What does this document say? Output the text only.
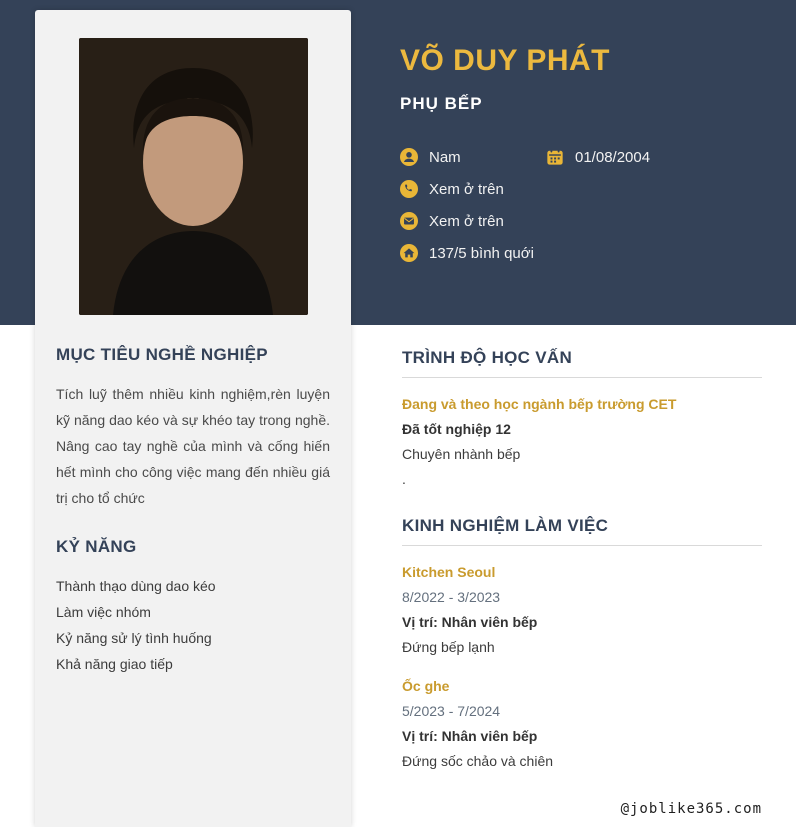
MỤC TIÊU NGHỀ NGHIỆP

Tích luỹ thêm nhiều kinh nghiệm,rèn luyện kỹ năng dao kéo và sự khéo tay trong nghề. Nâng cao tay nghề của mình và cống hiến hết mình cho công việc mang đến nhiều giá trị cho tổ chức

KỶ NĂNG
Thành thạo dùng dao kéo
Làm việc nhóm
Kỷ năng sử lý tình huống
Khả năng giao tiếp
VÕ DUY PHÁT
PHỤ BẾP
Nam	01/08/2004
Xem ở trên
Xem ở trên
137/5 bình quới
TRÌNH ĐỘ HỌC VẤN
Đang và theo học ngành bếp trường CET
Đã tốt nghiệp 12
Chuyên nhành bếp
.
KINH NGHIỆM LÀM VIỆC
Kitchen Seoul
8/2022 - 3/2023
Vị trí: Nhân viên bếp
Đứng bếp lạnh
Ốc ghe
5/2023 - 7/2024
Vị trí: Nhân viên bếp
Đứng sốc chảo và chiên
@joblike365.com
